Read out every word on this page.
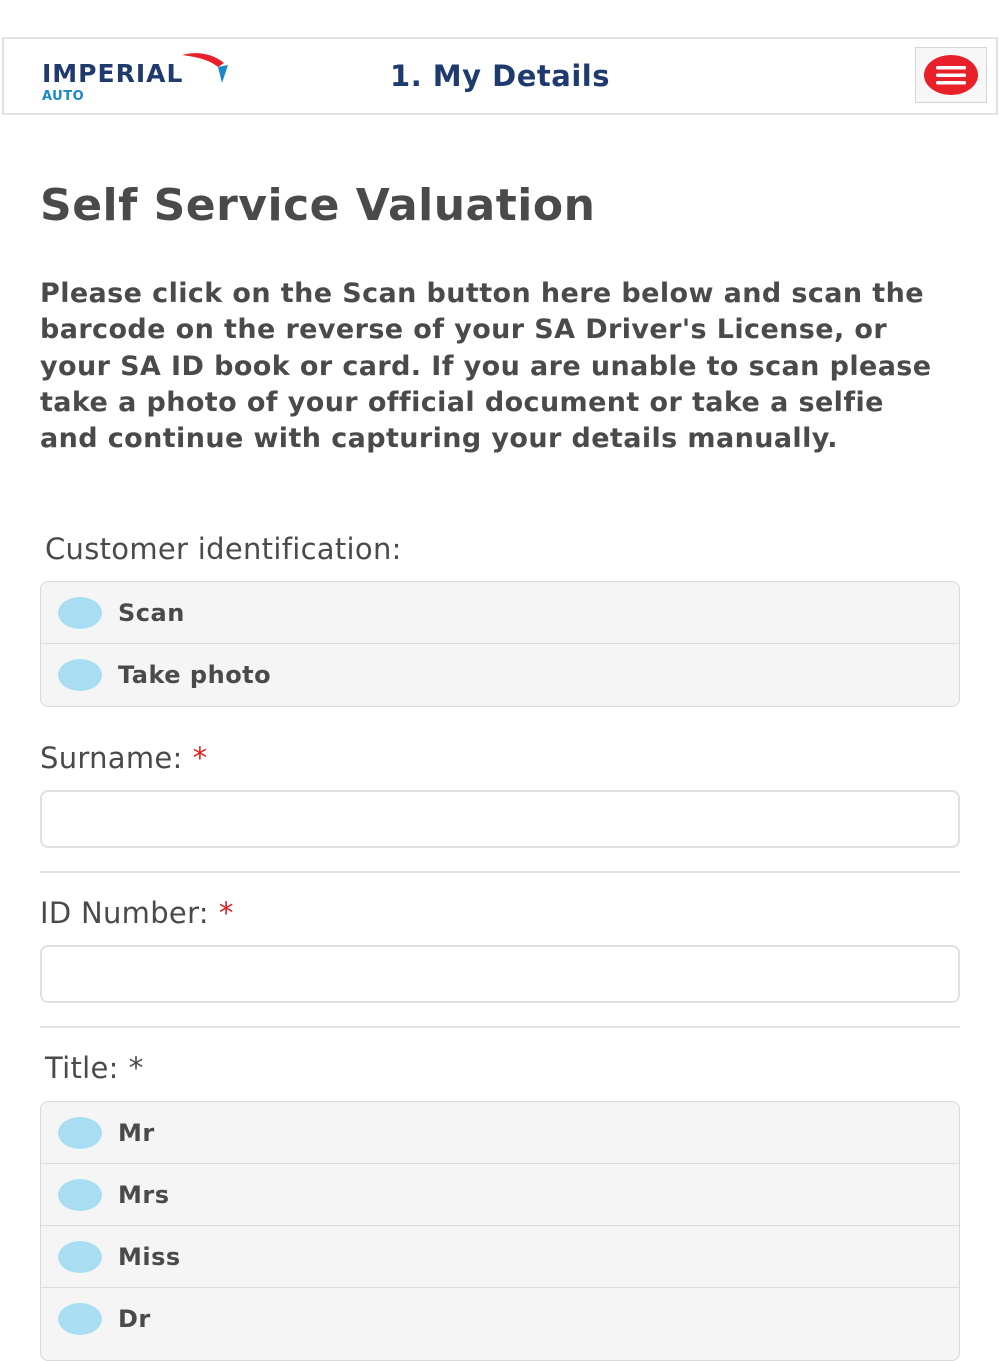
IMPERIAL
AUTO
1. My Details
Self Service Valuation

Please click on the Scan button here below and scan the barcode on the reverse of your SA Driver's License, or your SA ID book or card. If you are unable to scan please take a photo of your official document or take a selfie and continue with capturing your details manually.

Customer identification:
Scan
Take photo
Surname: *
ID Number: *
Title: *
Mr
Mrs
Miss
Dr
